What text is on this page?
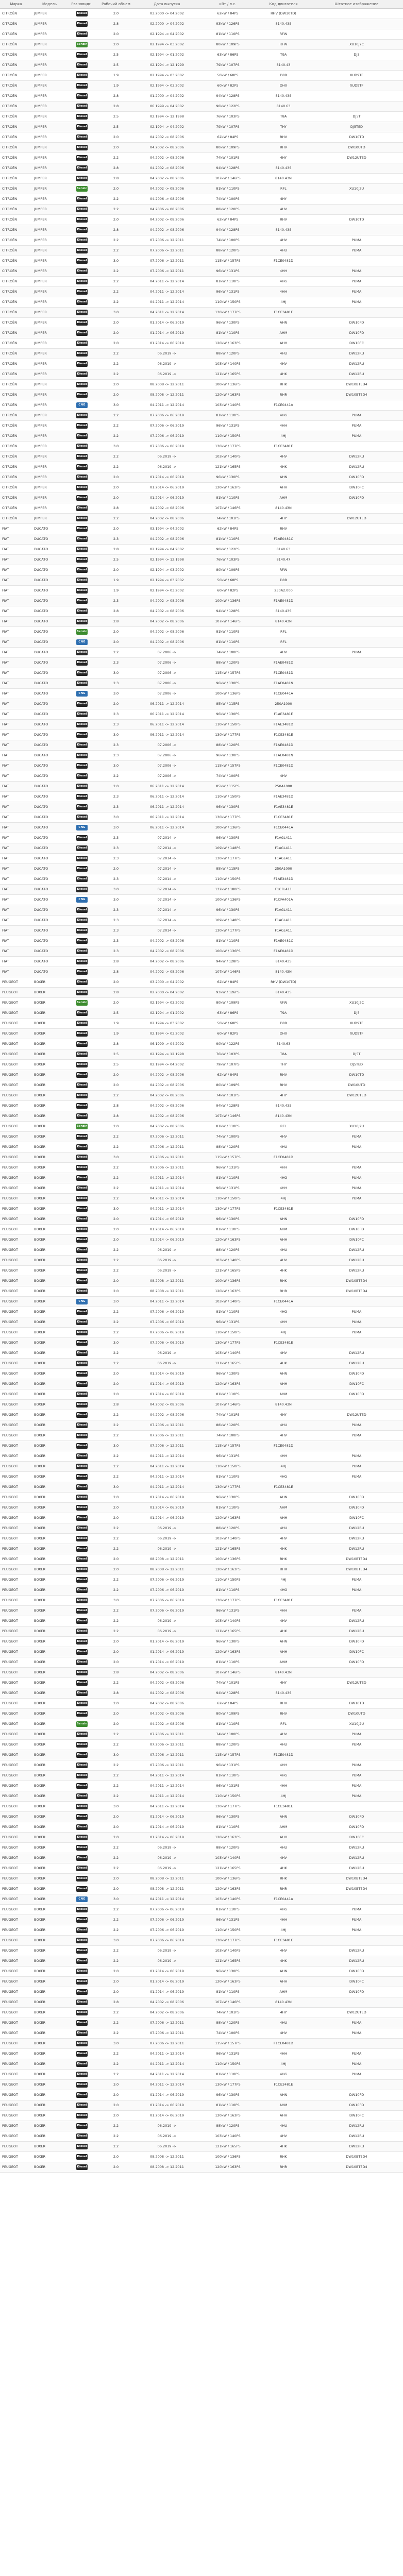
Марка	Модель	Разновидн.	Рабочий объем	Дата выпуска	кВт / л.с.	Код двигателя	Штатное изображение
CITROËN	JUMPER	Diesel	2.0	03.2000 -> 04.2002	62kW / 84PS	RHV (DW10TD)	
CITROËN	JUMPER	Diesel	2.8	02.2000 -> 04.2002	93kW / 126PS	8140.43S	
CITROËN	JUMPER	Diesel	2.0	02.1994 -> 04.2002	81kW / 110PS	RFW	
CITROËN	JUMPER	Benzin	2.0	02.1994 -> 03.2002	80kW / 109PS	RFW	XU10J2C
CITROËN	JUMPER	Diesel	2.5	02.1994 -> 01.2002	63kW / 86PS	T9A	DJ5
CITROËN	JUMPER	Diesel	2.5	02.1994 -> 12.1999	79kW / 107PS	8140.43	
CITROËN	JUMPER	Diesel	1.9	02.1994 -> 03.2002	50kW / 68PS	D8B	XUD9TF
CITROËN	JUMPER	Diesel	1.9	02.1994 -> 03.2002	60kW / 82PS	DHX	XUD9TF
CITROËN	JUMPER	Diesel	2.8	01.2000 -> 04.2002	94kW / 128PS	8140.43S	
CITROËN	JUMPER	Diesel	2.8	06.1999 -> 04.2002	90kW / 122PS	8140.63	
CITROËN	JUMPER	Diesel	2.5	02.1994 -> 12.1998	76kW / 103PS	T8A	DJ5T
CITROËN	JUMPER	Diesel	2.5	02.1994 -> 04.2002	79kW / 107PS	THY	DJ5TED
CITROËN	JUMPER	Diesel	2.0	04.2002 -> 08.2006	62kW / 84PS	RHV	DW10TD
CITROËN	JUMPER	Diesel	2.0	04.2002 -> 08.2006	80kW / 109PS	RHV	DW10UTD
CITROËN	JUMPER	Diesel	2.2	04.2002 -> 08.2006	74kW / 101PS	4HY	DW12UTED
CITROËN	JUMPER	Diesel	2.8	04.2002 -> 08.2006	94kW / 128PS	8140.43S	
CITROËN	JUMPER	Diesel	2.8	04.2002 -> 08.2006	107kW / 146PS	8140.43N	
CITROËN	JUMPER	Benzin	2.0	04.2002 -> 08.2006	81kW / 110PS	RFL	XU10J2U
CITROËN	JUMPER	Diesel	2.2	04.2006 -> 08.2006	74kW / 100PS	4HY	
CITROËN	JUMPER	Diesel	2.2	04.2006 -> 08.2006	88kW / 120PS	4HV	
CITROËN	JUMPER	Diesel	2.0	04.2002 -> 08.2006	62kW / 84PS	RHV	DW10TD
CITROËN	JUMPER	Diesel	2.8	04.2002 -> 08.2006	94kW / 128PS	8140.43S	
CITROËN	JUMPER	Diesel	2.2	07.2006 -> 12.2011	74kW / 100PS	4HV	PUMA
CITROËN	JUMPER	Diesel	2.2	07.2006 -> 12.2011	88kW / 120PS	4HU	PUMA
CITROËN	JUMPER	Diesel	3.0	07.2006 -> 12.2011	115kW / 157PS	F1CE0481D	
CITROËN	JUMPER	Diesel	2.2	07.2006 -> 12.2011	96kW / 131PS	4HH	PUMA
CITROËN	JUMPER	Diesel	2.2	04.2011 -> 12.2014	81kW / 110PS	4HG	PUMA
CITROËN	JUMPER	Diesel	2.2	04.2011 -> 12.2014	96kW / 131PS	4HH	PUMA
CITROËN	JUMPER	Diesel	2.2	04.2011 -> 12.2014	110kW / 150PS	4HJ	PUMA
CITROËN	JUMPER	Diesel	3.0	04.2011 -> 12.2014	130kW / 177PS	F1CE3481E	
CITROËN	JUMPER	Diesel	2.0	01.2014 -> 06.2019	96kW / 130PS	AHN	DW10FD
CITROËN	JUMPER	Diesel	2.0	01.2014 -> 06.2019	81kW / 110PS	AHM	DW10FD
CITROËN	JUMPER	Diesel	2.0	01.2014 -> 06.2019	120kW / 163PS	AHH	DW10FC
CITROËN	JUMPER	Diesel	2.2	06.2019 ->	88kW / 120PS	4HU	DW12RU
CITROËN	JUMPER	Diesel	2.2	06.2019 ->	103kW / 140PS	4HV	DW12RU
CITROËN	JUMPER	Diesel	2.2	06.2019 ->	121kW / 165PS	4HK	DW12RU
CITROËN	JUMPER	Diesel	2.0	08.2008 -> 12.2011	100kW / 136PS	RHK	DW10BTED4
CITROËN	JUMPER	Diesel	2.0	08.2008 -> 12.2011	120kW / 163PS	RHR	DW10BTED4
CITROËN	JUMPER	CNG	3.0	04.2011 -> 12.2014	103kW / 140PS	F1CE0441A	
CITROËN	JUMPER	Diesel	2.2	07.2006 -> 06.2019	81kW / 110PS	4HG	PUMA
CITROËN	JUMPER	Diesel	2.2	07.2006 -> 06.2019	96kW / 131PS	4HH	PUMA
CITROËN	JUMPER	Diesel	2.2	07.2006 -> 06.2019	110kW / 150PS	4HJ	PUMA
CITROËN	JUMPER	Diesel	3.0	07.2006 -> 06.2019	130kW / 177PS	F1CE3481E	
CITROËN	JUMPER	Diesel	2.2	06.2019 ->	103kW / 140PS	4HV	DW12RU
CITROËN	JUMPER	Diesel	2.2	06.2019 ->	121kW / 165PS	4HK	DW12RU
CITROËN	JUMPER	Diesel	2.0	01.2014 -> 06.2019	96kW / 130PS	AHN	DW10FD
CITROËN	JUMPER	Diesel	2.0	01.2014 -> 06.2019	120kW / 163PS	AHH	DW10FC
CITROËN	JUMPER	Diesel	2.0	01.2014 -> 06.2019	81kW / 110PS	AHM	DW10FD
CITROËN	JUMPER	Diesel	2.8	04.2002 -> 08.2006	107kW / 146PS	8140.43N	
CITROËN	JUMPER	Diesel	2.2	04.2002 -> 08.2006	74kW / 101PS	4HY	DW12UTED
FIAT	DUCATO	Diesel	2.0	03.1994 -> 04.2002	62kW / 84PS	RHV	
FIAT	DUCATO	Diesel	2.3	04.2002 -> 08.2006	81kW / 110PS	F1AE0481C	
FIAT	DUCATO	Diesel	2.8	02.1994 -> 04.2002	90kW / 122PS	8140.63	
FIAT	DUCATO	Diesel	2.5	02.1994 -> 12.1998	76kW / 103PS	8140.47	
FIAT	DUCATO	Diesel	2.0	02.1994 -> 03.2002	80kW / 109PS	RFW	
FIAT	DUCATO	Diesel	1.9	02.1994 -> 03.2002	50kW / 68PS	D8B	
FIAT	DUCATO	Diesel	1.9	02.1994 -> 03.2002	60kW / 82PS	230A2.000	
FIAT	DUCATO	Diesel	2.3	04.2002 -> 08.2006	100kW / 136PS	F1AE0481D	
FIAT	DUCATO	Diesel	2.8	04.2002 -> 08.2006	94kW / 128PS	8140.43S	
FIAT	DUCATO	Diesel	2.8	04.2002 -> 08.2006	107kW / 146PS	8140.43N	
FIAT	DUCATO	Benzin	2.0	04.2002 -> 08.2006	81kW / 110PS	RFL	
FIAT	DUCATO	CNG	2.0	04.2002 -> 08.2006	81kW / 110PS	RFL	
FIAT	DUCATO	Diesel	2.2	07.2006 ->	74kW / 100PS	4HV	PUMA
FIAT	DUCATO	Diesel	2.3	07.2006 ->	88kW / 120PS	F1AE0481D	
FIAT	DUCATO	Diesel	3.0	07.2006 ->	115kW / 157PS	F1CE0481D	
FIAT	DUCATO	Diesel	2.3	07.2006 ->	96kW / 130PS	F1AE0481N	
FIAT	DUCATO	CNG	3.0	07.2006 ->	100kW / 136PS	F1CE0441A	
FIAT	DUCATO	Diesel	2.0	06.2011 -> 12.2014	85kW / 115PS	250A1000	
FIAT	DUCATO	Diesel	2.3	06.2011 -> 12.2014	96kW / 130PS	F1AE3481E	
FIAT	DUCATO	Diesel	2.3	06.2011 -> 12.2014	110kW / 150PS	F1AE3481D	
FIAT	DUCATO	Diesel	3.0	06.2011 -> 12.2014	130kW / 177PS	F1CE3481E	
FIAT	DUCATO	Diesel	2.3	07.2006 ->	88kW / 120PS	F1AE0481D	
FIAT	DUCATO	Diesel	2.3	07.2006 ->	96kW / 130PS	F1AE0481N	
FIAT	DUCATO	Diesel	3.0	07.2006 ->	115kW / 157PS	F1CE0481D	
FIAT	DUCATO	Diesel	2.2	07.2006 ->	74kW / 100PS	4HV	
FIAT	DUCATO	Diesel	2.0	06.2011 -> 12.2014	85kW / 115PS	250A1000	
FIAT	DUCATO	Diesel	2.3	06.2011 -> 12.2014	110kW / 150PS	F1AE3481D	
FIAT	DUCATO	Diesel	2.3	06.2011 -> 12.2014	96kW / 130PS	F1AE3481E	
FIAT	DUCATO	Diesel	3.0	06.2011 -> 12.2014	130kW / 177PS	F1CE3481E	
FIAT	DUCATO	CNG	3.0	06.2011 -> 12.2014	100kW / 136PS	F1CE0441A	
FIAT	DUCATO	Diesel	2.3	07.2014 ->	96kW / 130PS	F1AGL411	
FIAT	DUCATO	Diesel	2.3	07.2014 ->	109kW / 148PS	F1AGL411	
FIAT	DUCATO	Diesel	2.3	07.2014 ->	130kW / 177PS	F1AGL411	
FIAT	DUCATO	Diesel	2.0	07.2014 ->	85kW / 115PS	250A1000	
FIAT	DUCATO	Diesel	2.3	07.2014 ->	110kW / 150PS	F1AE3481D	
FIAT	DUCATO	Diesel	3.0	07.2014 ->	132kW / 180PS	F1CFL411	
FIAT	DUCATO	CNG	3.0	07.2014 ->	100kW / 136PS	F1CFA401A	
FIAT	DUCATO	Diesel	2.3	07.2014 ->	96kW / 130PS	F1AGL411	
FIAT	DUCATO	Diesel	2.3	07.2014 ->	109kW / 148PS	F1AGL411	
FIAT	DUCATO	Diesel	2.3	07.2014 ->	130kW / 177PS	F1AGL411	
FIAT	DUCATO	Diesel	2.3	04.2002 -> 08.2006	81kW / 110PS	F1AE0481C	
FIAT	DUCATO	Diesel	2.3	04.2002 -> 08.2006	100kW / 136PS	F1AE0481D	
FIAT	DUCATO	Diesel	2.8	04.2002 -> 08.2006	94kW / 128PS	8140.43S	
FIAT	DUCATO	Diesel	2.8	04.2002 -> 08.2006	107kW / 146PS	8140.43N	
PEUGEOT	BOXER	Diesel	2.0	03.2000 -> 04.2002	62kW / 84PS	RHV (DW10TD)	
PEUGEOT	BOXER	Diesel	2.8	02.2000 -> 04.2002	93kW / 126PS	8140.43S	
PEUGEOT	BOXER	Benzin	2.0	02.1994 -> 03.2002	80kW / 109PS	RFW	XU10J2C
PEUGEOT	BOXER	Diesel	2.5	02.1994 -> 01.2002	63kW / 86PS	T9A	DJ5
PEUGEOT	BOXER	Diesel	1.9	02.1994 -> 03.2002	50kW / 68PS	D8B	XUD9TF
PEUGEOT	BOXER	Diesel	1.9	02.1994 -> 03.2002	60kW / 82PS	DHX	XUD9TF
PEUGEOT	BOXER	Diesel	2.8	06.1999 -> 04.2002	90kW / 122PS	8140.63	
PEUGEOT	BOXER	Diesel	2.5	02.1994 -> 12.1998	76kW / 103PS	T8A	DJ5T
PEUGEOT	BOXER	Diesel	2.5	02.1994 -> 04.2002	79kW / 107PS	THY	DJ5TED
PEUGEOT	BOXER	Diesel	2.0	04.2002 -> 08.2006	62kW / 84PS	RHV	DW10TD
PEUGEOT	BOXER	Diesel	2.0	04.2002 -> 08.2006	80kW / 109PS	RHV	DW10UTD
PEUGEOT	BOXER	Diesel	2.2	04.2002 -> 08.2006	74kW / 101PS	4HY	DW12UTED
PEUGEOT	BOXER	Diesel	2.8	04.2002 -> 08.2006	94kW / 128PS	8140.43S	
PEUGEOT	BOXER	Diesel	2.8	04.2002 -> 08.2006	107kW / 146PS	8140.43N	
PEUGEOT	BOXER	Benzin	2.0	04.2002 -> 08.2006	81kW / 110PS	RFL	XU10J2U
PEUGEOT	BOXER	Diesel	2.2	07.2006 -> 12.2011	74kW / 100PS	4HV	PUMA
PEUGEOT	BOXER	Diesel	2.2	07.2006 -> 12.2011	88kW / 120PS	4HU	PUMA
PEUGEOT	BOXER	Diesel	3.0	07.2006 -> 12.2011	115kW / 157PS	F1CE0481D	
PEUGEOT	BOXER	Diesel	2.2	07.2006 -> 12.2011	96kW / 131PS	4HH	PUMA
PEUGEOT	BOXER	Diesel	2.2	04.2011 -> 12.2014	81kW / 110PS	4HG	PUMA
PEUGEOT	BOXER	Diesel	2.2	04.2011 -> 12.2014	96kW / 131PS	4HH	PUMA
PEUGEOT	BOXER	Diesel	2.2	04.2011 -> 12.2014	110kW / 150PS	4HJ	PUMA
PEUGEOT	BOXER	Diesel	3.0	04.2011 -> 12.2014	130kW / 177PS	F1CE3481E	
PEUGEOT	BOXER	Diesel	2.0	01.2014 -> 06.2019	96kW / 130PS	AHN	DW10FD
PEUGEOT	BOXER	Diesel	2.0	01.2014 -> 06.2019	81kW / 110PS	AHM	DW10FD
PEUGEOT	BOXER	Diesel	2.0	01.2014 -> 06.2019	120kW / 163PS	AHH	DW10FC
PEUGEOT	BOXER	Diesel	2.2	06.2019 ->	88kW / 120PS	4HU	DW12RU
PEUGEOT	BOXER	Diesel	2.2	06.2019 ->	103kW / 140PS	4HV	DW12RU
PEUGEOT	BOXER	Diesel	2.2	06.2019 ->	121kW / 165PS	4HK	DW12RU
PEUGEOT	BOXER	Diesel	2.0	08.2008 -> 12.2011	100kW / 136PS	RHK	DW10BTED4
PEUGEOT	BOXER	Diesel	2.0	08.2008 -> 12.2011	120kW / 163PS	RHR	DW10BTED4
PEUGEOT	BOXER	CNG	3.0	04.2011 -> 12.2014	103kW / 140PS	F1CE0441A	
PEUGEOT	BOXER	Diesel	2.2	07.2006 -> 06.2019	81kW / 110PS	4HG	PUMA
PEUGEOT	BOXER	Diesel	2.2	07.2006 -> 06.2019	96kW / 131PS	4HH	PUMA
PEUGEOT	BOXER	Diesel	2.2	07.2006 -> 06.2019	110kW / 150PS	4HJ	PUMA
PEUGEOT	BOXER	Diesel	3.0	07.2006 -> 06.2019	130kW / 177PS	F1CE3481E	
PEUGEOT	BOXER	Diesel	2.2	06.2019 ->	103kW / 140PS	4HV	DW12RU
PEUGEOT	BOXER	Diesel	2.2	06.2019 ->	121kW / 165PS	4HK	DW12RU
PEUGEOT	BOXER	Diesel	2.0	01.2014 -> 06.2019	96kW / 130PS	AHN	DW10FD
PEUGEOT	BOXER	Diesel	2.0	01.2014 -> 06.2019	120kW / 163PS	AHH	DW10FC
PEUGEOT	BOXER	Diesel	2.0	01.2014 -> 06.2019	81kW / 110PS	AHM	DW10FD
PEUGEOT	BOXER	Diesel	2.8	04.2002 -> 08.2006	107kW / 146PS	8140.43N	
PEUGEOT	BOXER	Diesel	2.2	04.2002 -> 08.2006	74kW / 101PS	4HY	DW12UTED
PEUGEOT	BOXER	Diesel	2.2	07.2006 -> 12.2011	88kW / 120PS	4HU	PUMA
PEUGEOT	BOXER	Diesel	2.2	07.2006 -> 12.2011	74kW / 100PS	4HV	PUMA
PEUGEOT	BOXER	Diesel	3.0	07.2006 -> 12.2011	115kW / 157PS	F1CE0481D	
PEUGEOT	BOXER	Diesel	2.2	04.2011 -> 12.2014	96kW / 131PS	4HH	PUMA
PEUGEOT	BOXER	Diesel	2.2	04.2011 -> 12.2014	110kW / 150PS	4HJ	PUMA
PEUGEOT	BOXER	Diesel	2.2	04.2011 -> 12.2014	81kW / 110PS	4HG	PUMA
PEUGEOT	BOXER	Diesel	3.0	04.2011 -> 12.2014	130kW / 177PS	F1CE3481E	
PEUGEOT	BOXER	Diesel	2.0	01.2014 -> 06.2019	96kW / 130PS	AHN	DW10FD
PEUGEOT	BOXER	Diesel	2.0	01.2014 -> 06.2019	81kW / 110PS	AHM	DW10FD
PEUGEOT	BOXER	Diesel	2.0	01.2014 -> 06.2019	120kW / 163PS	AHH	DW10FC
PEUGEOT	BOXER	Diesel	2.2	06.2019 ->	88kW / 120PS	4HU	DW12RU
PEUGEOT	BOXER	Diesel	2.2	06.2019 ->	103kW / 140PS	4HV	DW12RU
PEUGEOT	BOXER	Diesel	2.2	06.2019 ->	121kW / 165PS	4HK	DW12RU
PEUGEOT	BOXER	Diesel	2.0	08.2008 -> 12.2011	100kW / 136PS	RHK	DW10BTED4
PEUGEOT	BOXER	Diesel	2.0	08.2008 -> 12.2011	120kW / 163PS	RHR	DW10BTED4
PEUGEOT	BOXER	Diesel	2.2	07.2006 -> 06.2019	110kW / 150PS	4HJ	PUMA
PEUGEOT	BOXER	Diesel	2.2	07.2006 -> 06.2019	81kW / 110PS	4HG	PUMA
PEUGEOT	BOXER	Diesel	3.0	07.2006 -> 06.2019	130kW / 177PS	F1CE3481E	
PEUGEOT	BOXER	Diesel	2.2	07.2006 -> 06.2019	96kW / 131PS	4HH	PUMA
PEUGEOT	BOXER	Diesel	2.2	06.2019 ->	103kW / 140PS	4HV	DW12RU
PEUGEOT	BOXER	Diesel	2.2	06.2019 ->	121kW / 165PS	4HK	DW12RU
PEUGEOT	BOXER	Diesel	2.0	01.2014 -> 06.2019	96kW / 130PS	AHN	DW10FD
PEUGEOT	BOXER	Diesel	2.0	01.2014 -> 06.2019	120kW / 163PS	AHH	DW10FC
PEUGEOT	BOXER	Diesel	2.0	01.2014 -> 06.2019	81kW / 110PS	AHM	DW10FD
PEUGEOT	BOXER	Diesel	2.8	04.2002 -> 08.2006	107kW / 146PS	8140.43N	
PEUGEOT	BOXER	Diesel	2.2	04.2002 -> 08.2006	74kW / 101PS	4HY	DW12UTED
PEUGEOT	BOXER	Diesel	2.8	04.2002 -> 08.2006	94kW / 128PS	8140.43S	
PEUGEOT	BOXER	Diesel	2.0	04.2002 -> 08.2006	62kW / 84PS	RHV	DW10TD
PEUGEOT	BOXER	Diesel	2.0	04.2002 -> 08.2006	80kW / 109PS	RHV	DW10UTD
PEUGEOT	BOXER	Benzin	2.0	04.2002 -> 08.2006	81kW / 110PS	RFL	XU10J2U
PEUGEOT	BOXER	Diesel	2.2	07.2006 -> 12.2011	74kW / 100PS	4HV	PUMA
PEUGEOT	BOXER	Diesel	2.2	07.2006 -> 12.2011	88kW / 120PS	4HU	PUMA
PEUGEOT	BOXER	Diesel	3.0	07.2006 -> 12.2011	115kW / 157PS	F1CE0481D	
PEUGEOT	BOXER	Diesel	2.2	07.2006 -> 12.2011	96kW / 131PS	4HH	PUMA
PEUGEOT	BOXER	Diesel	2.2	04.2011 -> 12.2014	81kW / 110PS	4HG	PUMA
PEUGEOT	BOXER	Diesel	2.2	04.2011 -> 12.2014	96kW / 131PS	4HH	PUMA
PEUGEOT	BOXER	Diesel	2.2	04.2011 -> 12.2014	110kW / 150PS	4HJ	PUMA
PEUGEOT	BOXER	Diesel	3.0	04.2011 -> 12.2014	130kW / 177PS	F1CE3481E	
PEUGEOT	BOXER	Diesel	2.0	01.2014 -> 06.2019	96kW / 130PS	AHN	DW10FD
PEUGEOT	BOXER	Diesel	2.0	01.2014 -> 06.2019	81kW / 110PS	AHM	DW10FD
PEUGEOT	BOXER	Diesel	2.0	01.2014 -> 06.2019	120kW / 163PS	AHH	DW10FC
PEUGEOT	BOXER	Diesel	2.2	06.2019 ->	88kW / 120PS	4HU	DW12RU
PEUGEOT	BOXER	Diesel	2.2	06.2019 ->	103kW / 140PS	4HV	DW12RU
PEUGEOT	BOXER	Diesel	2.2	06.2019 ->	121kW / 165PS	4HK	DW12RU
PEUGEOT	BOXER	Diesel	2.0	08.2008 -> 12.2011	100kW / 136PS	RHK	DW10BTED4
PEUGEOT	BOXER	Diesel	2.0	08.2008 -> 12.2011	120kW / 163PS	RHR	DW10BTED4
PEUGEOT	BOXER	CNG	3.0	04.2011 -> 12.2014	103kW / 140PS	F1CE0441A	
PEUGEOT	BOXER	Diesel	2.2	07.2006 -> 06.2019	81kW / 110PS	4HG	PUMA
PEUGEOT	BOXER	Diesel	2.2	07.2006 -> 06.2019	96kW / 131PS	4HH	PUMA
PEUGEOT	BOXER	Diesel	2.2	07.2006 -> 06.2019	110kW / 150PS	4HJ	PUMA
PEUGEOT	BOXER	Diesel	3.0	07.2006 -> 06.2019	130kW / 177PS	F1CE3481E	
PEUGEOT	BOXER	Diesel	2.2	06.2019 ->	103kW / 140PS	4HV	DW12RU
PEUGEOT	BOXER	Diesel	2.2	06.2019 ->	121kW / 165PS	4HK	DW12RU
PEUGEOT	BOXER	Diesel	2.0	01.2014 -> 06.2019	96kW / 130PS	AHN	DW10FD
PEUGEOT	BOXER	Diesel	2.0	01.2014 -> 06.2019	120kW / 163PS	AHH	DW10FC
PEUGEOT	BOXER	Diesel	2.0	01.2014 -> 06.2019	81kW / 110PS	AHM	DW10FD
PEUGEOT	BOXER	Diesel	2.8	04.2002 -> 08.2006	107kW / 146PS	8140.43N	
PEUGEOT	BOXER	Diesel	2.2	04.2002 -> 08.2006	74kW / 101PS	4HY	DW12UTED
PEUGEOT	BOXER	Diesel	2.2	07.2006 -> 12.2011	88kW / 120PS	4HU	PUMA
PEUGEOT	BOXER	Diesel	2.2	07.2006 -> 12.2011	74kW / 100PS	4HV	PUMA
PEUGEOT	BOXER	Diesel	3.0	07.2006 -> 12.2011	115kW / 157PS	F1CE0481D	
PEUGEOT	BOXER	Diesel	2.2	04.2011 -> 12.2014	96kW / 131PS	4HH	PUMA
PEUGEOT	BOXER	Diesel	2.2	04.2011 -> 12.2014	110kW / 150PS	4HJ	PUMA
PEUGEOT	BOXER	Diesel	2.2	04.2011 -> 12.2014	81kW / 110PS	4HG	PUMA
PEUGEOT	BOXER	Diesel	3.0	04.2011 -> 12.2014	130kW / 177PS	F1CE3481E	
PEUGEOT	BOXER	Diesel	2.0	01.2014 -> 06.2019	96kW / 130PS	AHN	DW10FD
PEUGEOT	BOXER	Diesel	2.0	01.2014 -> 06.2019	81kW / 110PS	AHM	DW10FD
PEUGEOT	BOXER	Diesel	2.0	01.2014 -> 06.2019	120kW / 163PS	AHH	DW10FC
PEUGEOT	BOXER	Diesel	2.2	06.2019 ->	88kW / 120PS	4HU	DW12RU
PEUGEOT	BOXER	Diesel	2.2	06.2019 ->	103kW / 140PS	4HV	DW12RU
PEUGEOT	BOXER	Diesel	2.2	06.2019 ->	121kW / 165PS	4HK	DW12RU
PEUGEOT	BOXER	Diesel	2.0	08.2008 -> 12.2011	100kW / 136PS	RHK	DW10BTED4
PEUGEOT	BOXER	Diesel	2.0	08.2008 -> 12.2011	120kW / 163PS	RHR	DW10BTED4
